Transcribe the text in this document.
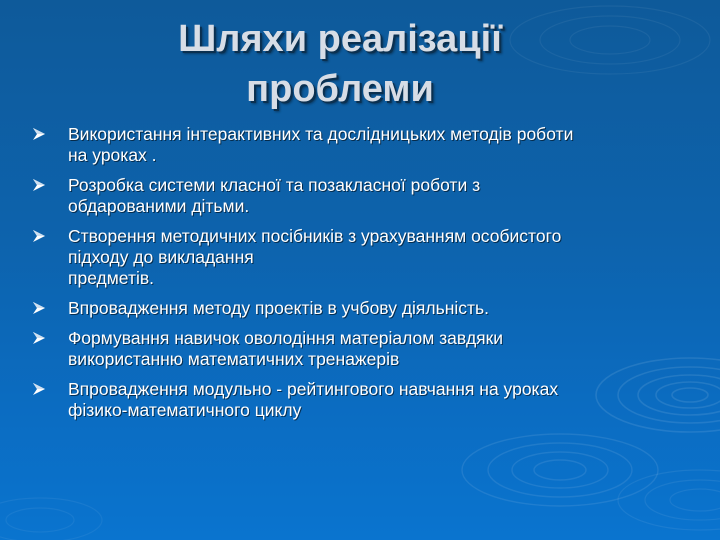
Шляхи реалізації
проблеми
Використання інтерактивних та дослідницьких методів роботи
на уроках .
Розробка системи класної та позакласної роботи з
обдарованими дітьми.
Створення методичних посібників з урахуванням особистого
підходу до викладання
предметів.
Впровадження методу проектів в учбову діяльність.
Формування навичок оволодіння матеріалом завдяки
використанню математичних тренажерів
Впровадження модульно - рейтингового навчання на уроках
фізико-математичного циклу
